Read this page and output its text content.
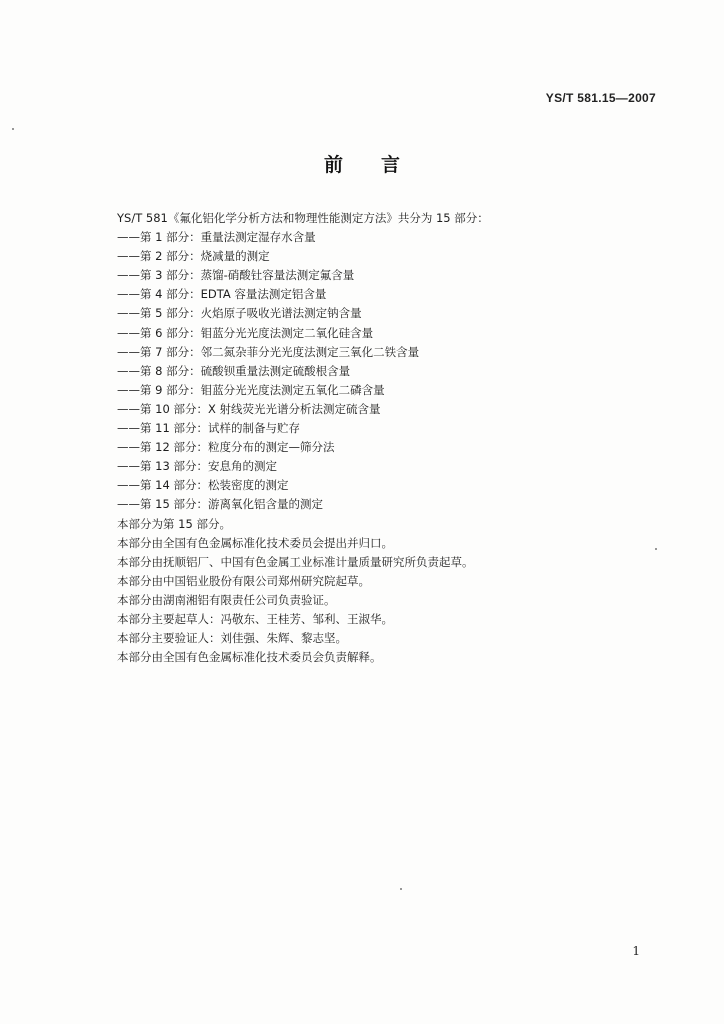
YS/T 581.15—2007
前言
YS/T 581《氟化铝化学分析方法和物理性能测定方法》共分为 15 部分：
——第 1 部分：重量法测定湿存水含量
——第 2 部分：烧减量的测定
——第 3 部分：蒸馏-硝酸钍容量法测定氟含量
——第 4 部分：EDTA 容量法测定铝含量
——第 5 部分：火焰原子吸收光谱法测定钠含量
——第 6 部分：钼蓝分光光度法测定二氧化硅含量
——第 7 部分：邻二氮杂菲分光光度法测定三氧化二铁含量
——第 8 部分：硫酸钡重量法测定硫酸根含量
——第 9 部分：钼蓝分光光度法测定五氧化二磷含量
——第 10 部分：X 射线荧光光谱分析法测定硫含量
——第 11 部分：试样的制备与贮存
——第 12 部分：粒度分布的测定—筛分法
——第 13 部分：安息角的测定
——第 14 部分：松装密度的测定
——第 15 部分：游离氧化铝含量的测定
本部分为第 15 部分。
本部分由全国有色金属标准化技术委员会提出并归口。
本部分由抚顺铝厂、中国有色金属工业标准计量质量研究所负责起草。
本部分由中国铝业股份有限公司郑州研究院起草。
本部分由湖南湘铝有限责任公司负责验证。
本部分主要起草人：冯敬东、王桂芳、邹利、王淑华。
本部分主要验证人：刘佳强、朱辉、黎志坚。
本部分由全国有色金属标准化技术委员会负责解释。
1
